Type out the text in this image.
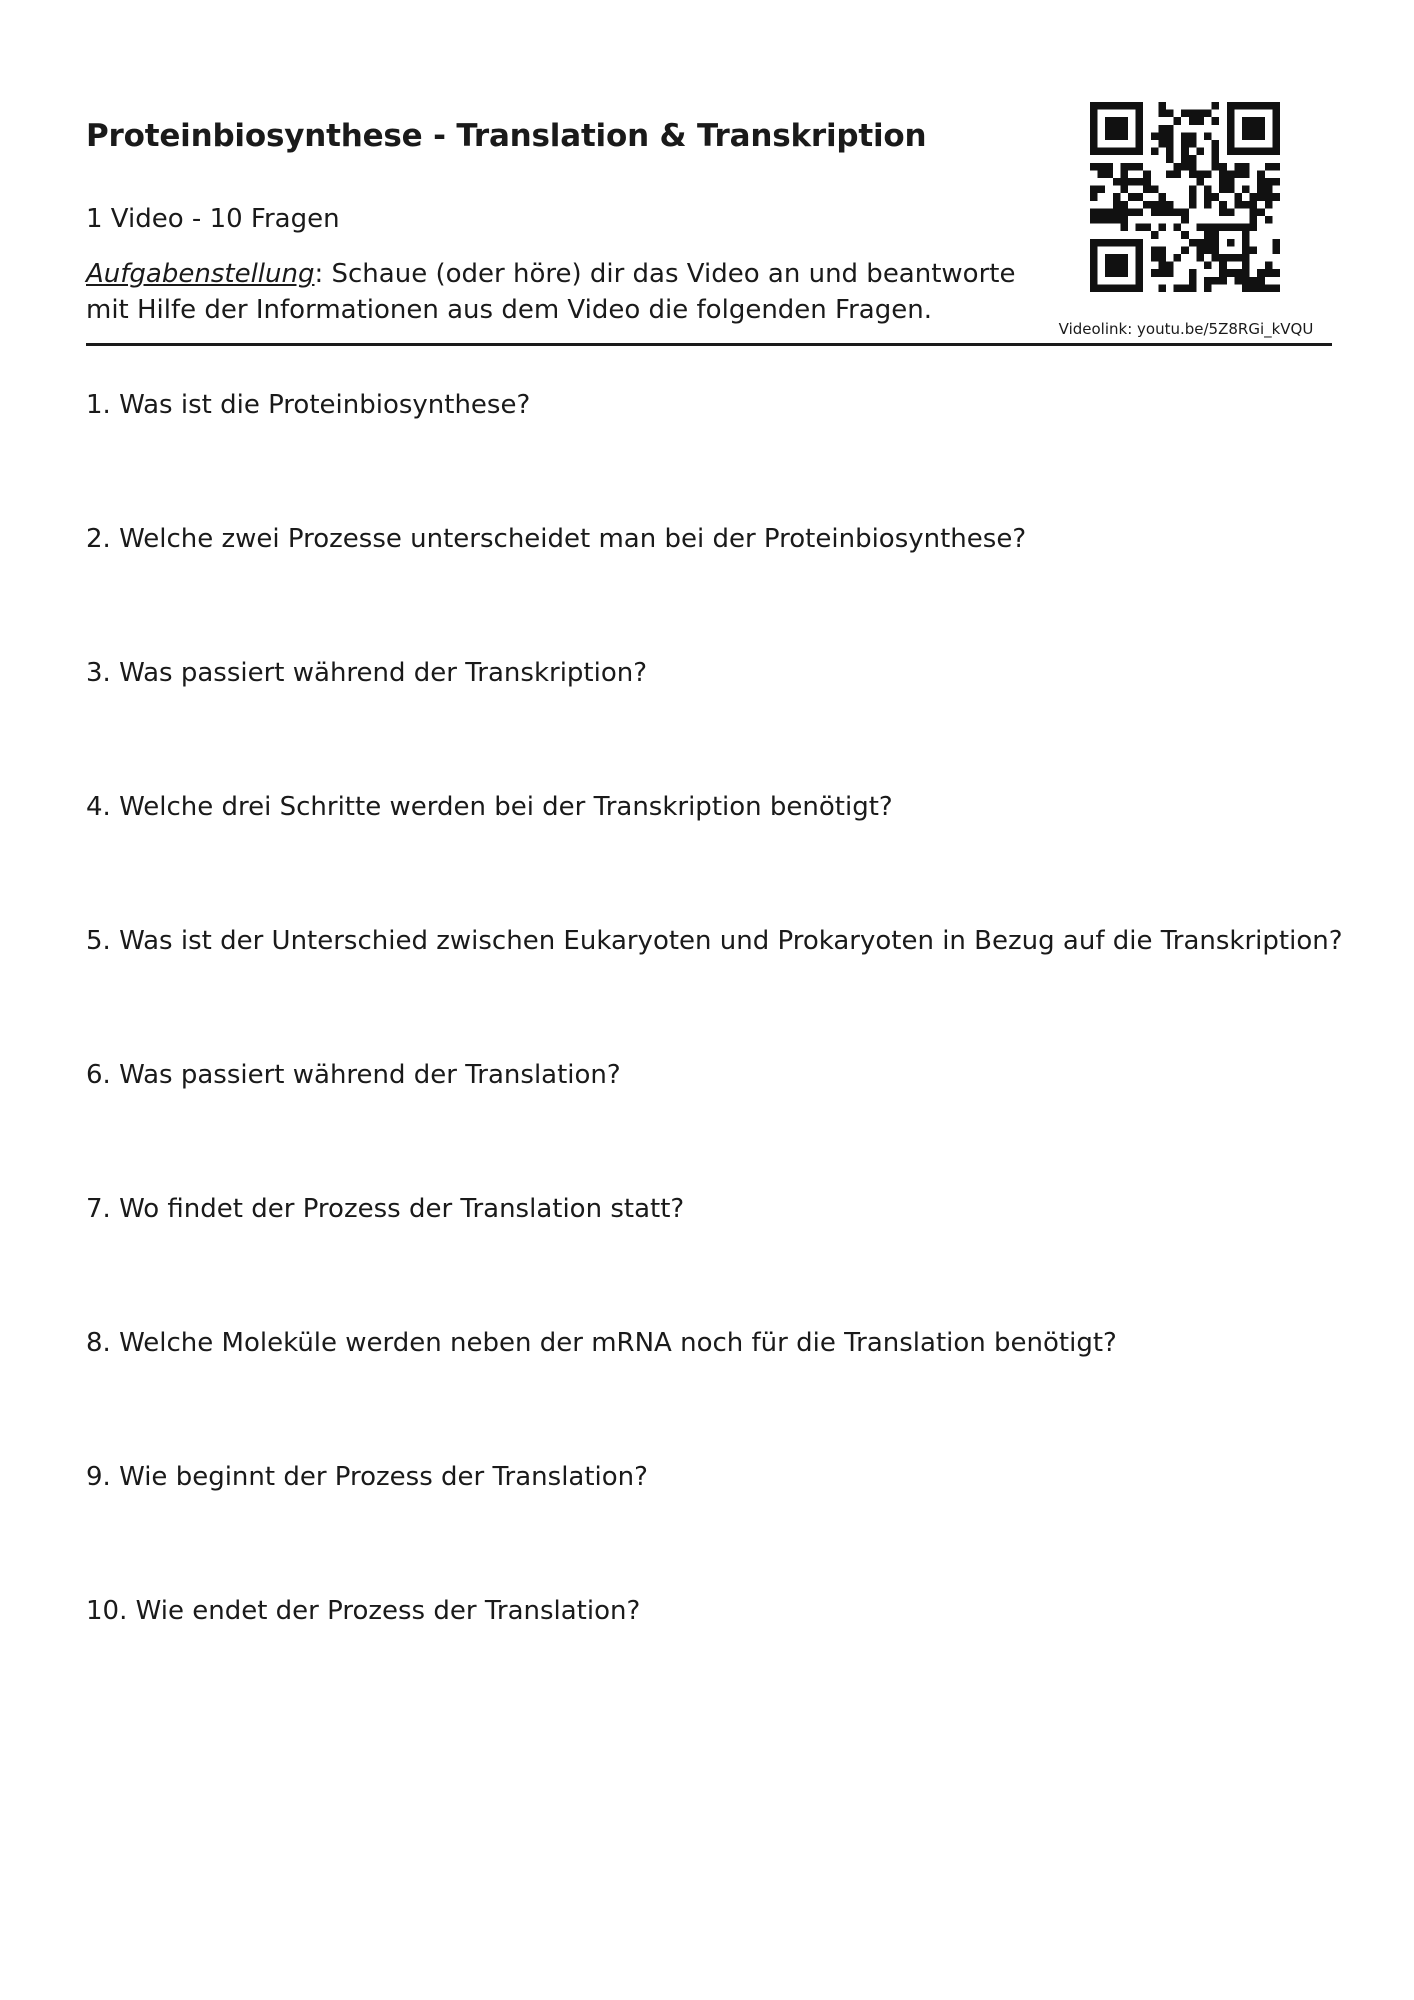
Proteinbiosynthese - Translation & Transkription

1 Video - 10 Fragen

Aufgabenstellung: Schaue (oder höre) dir das Video an und beantworte mit Hilfe der Informationen aus dem Video die folgenden Fragen.

Videolink: youtu.be/5Z8RGi_kVQU
1. Was ist die Proteinbiosynthese?
2. Welche zwei Prozesse unterscheidet man bei der Proteinbiosynthese?
3. Was passiert während der Transkription?
4. Welche drei Schritte werden bei der Transkription benötigt?
5. Was ist der Unterschied zwischen Eukaryoten und Prokaryoten in Bezug auf die Transkription?
6. Was passiert während der Translation?
7. Wo findet der Prozess der Translation statt?
8. Welche Moleküle werden neben der mRNA noch für die Translation benötigt?
9. Wie beginnt der Prozess der Translation?
10. Wie endet der Prozess der Translation?
